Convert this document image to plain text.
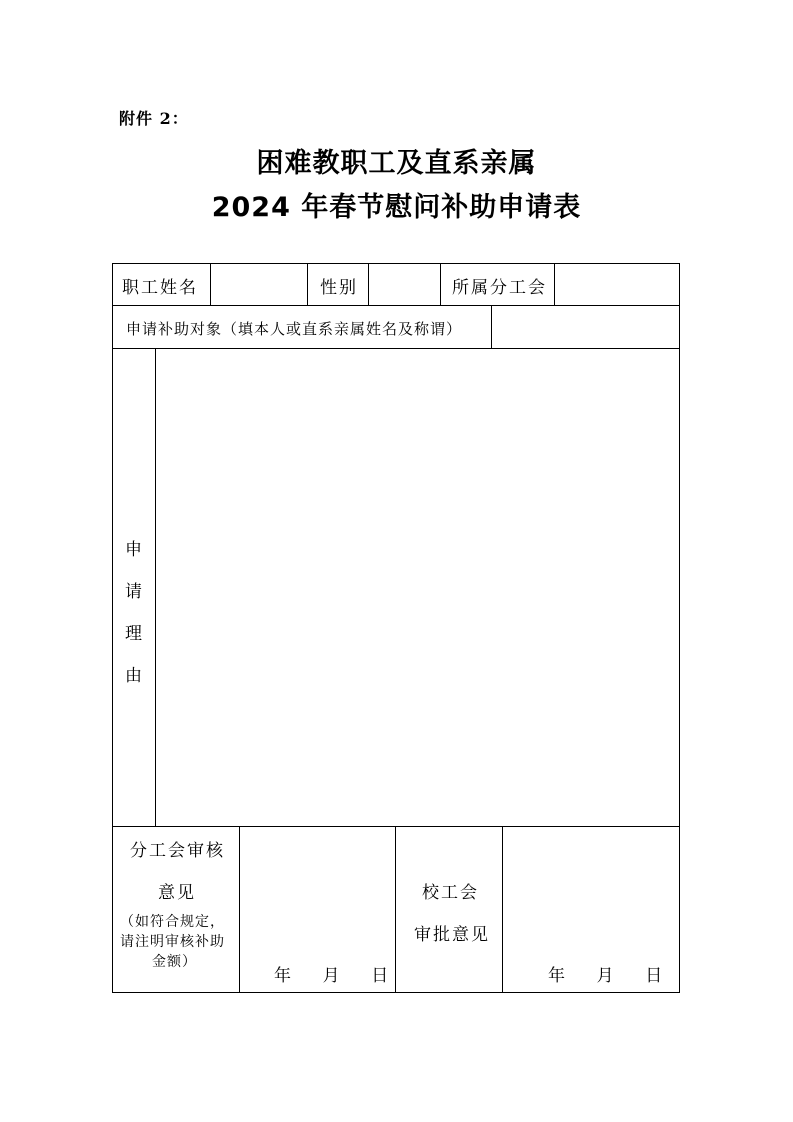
附件 2：
困难教职工及直系亲属
2024 年春节慰问补助申请表
职工姓名	性别	所属分工会
申请补助对象（填本人或直系亲属姓名及称谓）
申
请
理
由
分工会审核
意见
（如符合规定，
请注明审核补助
金额）
年    月    日
校工会
审批意见
年    月    日
